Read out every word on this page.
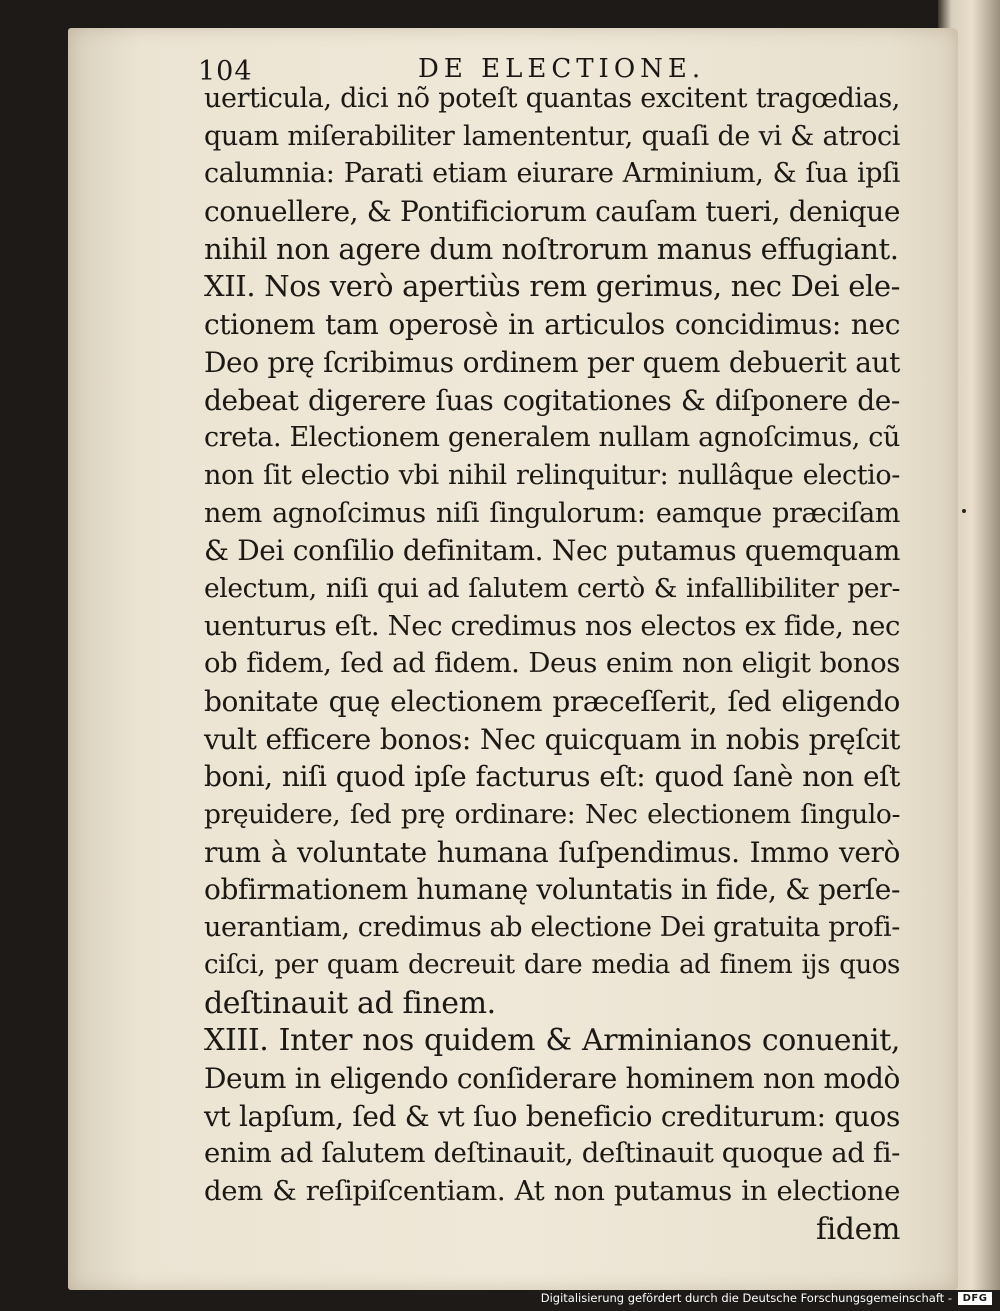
104	DE ELECTIONE.
uerticula, dici nõ poteſt quantas excitent tragœdias,
quam miſerabiliter lamententur, quaſi de vi & atroci
calumnia: Parati etiam eiurare Arminium, & ſua ipſi
conuellere, & Pontificiorum cauſam tueri, denique
nihil non agere dum noſtrorum manus effugiant.
XII. Nos verò apertiùs rem gerimus, nec Dei ele-
ctionem tam operosè in articulos concidimus: nec
Deo prę ſcribimus ordinem per quem debuerit aut
debeat digerere ſuas cogitationes & diſponere de-
creta. Electionem generalem nullam agnoſcimus, cũ
non ſit electio vbi nihil relinquitur: nullâque electio-
nem agnoſcimus niſi ſingulorum: eamque præciſam
& Dei conſilio definitam. Nec putamus quemquam
electum, niſi qui ad ſalutem certò & infallibiliter per-
uenturus eſt. Nec credimus nos electos ex fide, nec
ob fidem, ſed ad fidem. Deus enim non eligit bonos
bonitate quę electionem præceſſerit, ſed eligendo
vult efficere bonos: Nec quicquam in nobis pręſcit
boni, niſi quod ipſe facturus eſt: quod ſanè non eſt
pręuidere, ſed prę ordinare: Nec electionem ſingulo-
rum à voluntate humana ſuſpendimus. Immo verò
obfirmationem humanę voluntatis in fide, & perſe-
uerantiam, credimus ab electione Dei gratuita profi-
ciſci, per quam decreuit dare media ad finem ijs quos
deſtinauit ad finem.
XIII. Inter nos quidem & Arminianos conuenit,
Deum in eligendo conſiderare hominem non modò
vt lapſum, ſed & vt ſuo beneficio crediturum: quos
enim ad ſalutem deſtinauit, deſtinauit quoque ad fi-
dem & reſipiſcentiam. At non putamus in electione
fidem
Digitalisierung gefördert durch die Deutsche Forschungsgemeinschaft -	DFG
